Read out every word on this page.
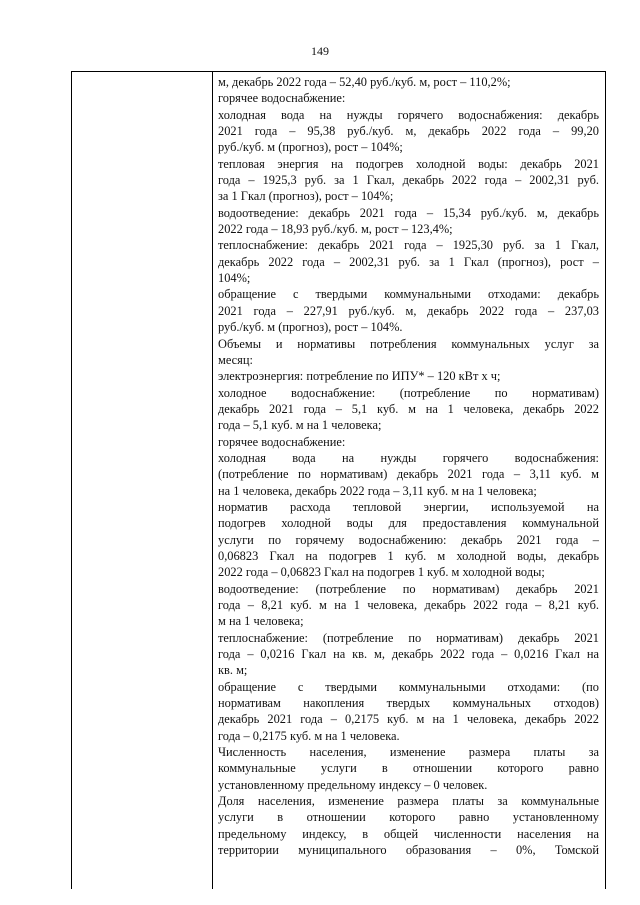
149
м, декабрь 2022 года – 52,40 руб./куб. м, рост – 110,2%;
горячее водоснабжение:
холодная вода на нужды горячего водоснабжения: декабрь
2021 года – 95,38 руб./куб. м, декабрь 2022 года – 99,20
руб./куб. м (прогноз), рост – 104%;
тепловая энергия на подогрев холодной воды: декабрь 2021
года – 1925,3 руб. за 1 Гкал, декабрь 2022 года – 2002,31 руб.
за 1 Гкал (прогноз), рост – 104%;
водоотведение: декабрь 2021 года – 15,34 руб./куб. м, декабрь
2022 года – 18,93 руб./куб. м, рост – 123,4%;
теплоснабжение: декабрь 2021 года – 1925,30 руб. за 1 Гкал,
декабрь 2022 года – 2002,31 руб. за 1 Гкал (прогноз), рост –
104%;
обращение с твердыми коммунальными отходами: декабрь
2021 года – 227,91 руб./куб. м, декабрь 2022 года – 237,03
руб./куб. м (прогноз), рост – 104%.
Объемы и нормативы потребления коммунальных услуг за
месяц:
электроэнергия: потребление по ИПУ* – 120 кВт х ч;
холодное водоснабжение: (потребление по нормативам)
декабрь 2021 года – 5,1 куб. м на 1 человека, декабрь 2022
года – 5,1 куб. м на 1 человека;
горячее водоснабжение:
холодная вода на нужды горячего водоснабжения:
(потребление по нормативам) декабрь 2021 года – 3,11 куб. м
на 1 человека, декабрь 2022 года – 3,11 куб. м на 1 человека;
норматив расхода тепловой энергии, используемой на
подогрев холодной воды для предоставления коммунальной
услуги по горячему водоснабжению: декабрь 2021 года –
0,06823 Гкал на подогрев 1 куб. м холодной воды, декабрь
2022 года – 0,06823 Гкал на подогрев 1 куб. м холодной воды;
водоотведение: (потребление по нормативам) декабрь 2021
года – 8,21 куб. м на 1 человека, декабрь 2022 года – 8,21 куб.
м на 1 человека;
теплоснабжение: (потребление по нормативам) декабрь 2021
года – 0,0216 Гкал на кв. м, декабрь 2022 года – 0,0216 Гкал на
кв. м;
обращение с твердыми коммунальными отходами: (по
нормативам накопления твердых коммунальных отходов)
декабрь 2021 года – 0,2175 куб. м на 1 человека, декабрь 2022
года – 0,2175 куб. м на 1 человека.
Численность населения, изменение размера платы за
коммунальные услуги в отношении которого равно
установленному предельному индексу – 0 человек.
Доля населения, изменение размера платы за коммунальные
услуги в отношении которого равно установленному
предельному индексу, в общей численности населения на
территории муниципального образования – 0%, Томской
